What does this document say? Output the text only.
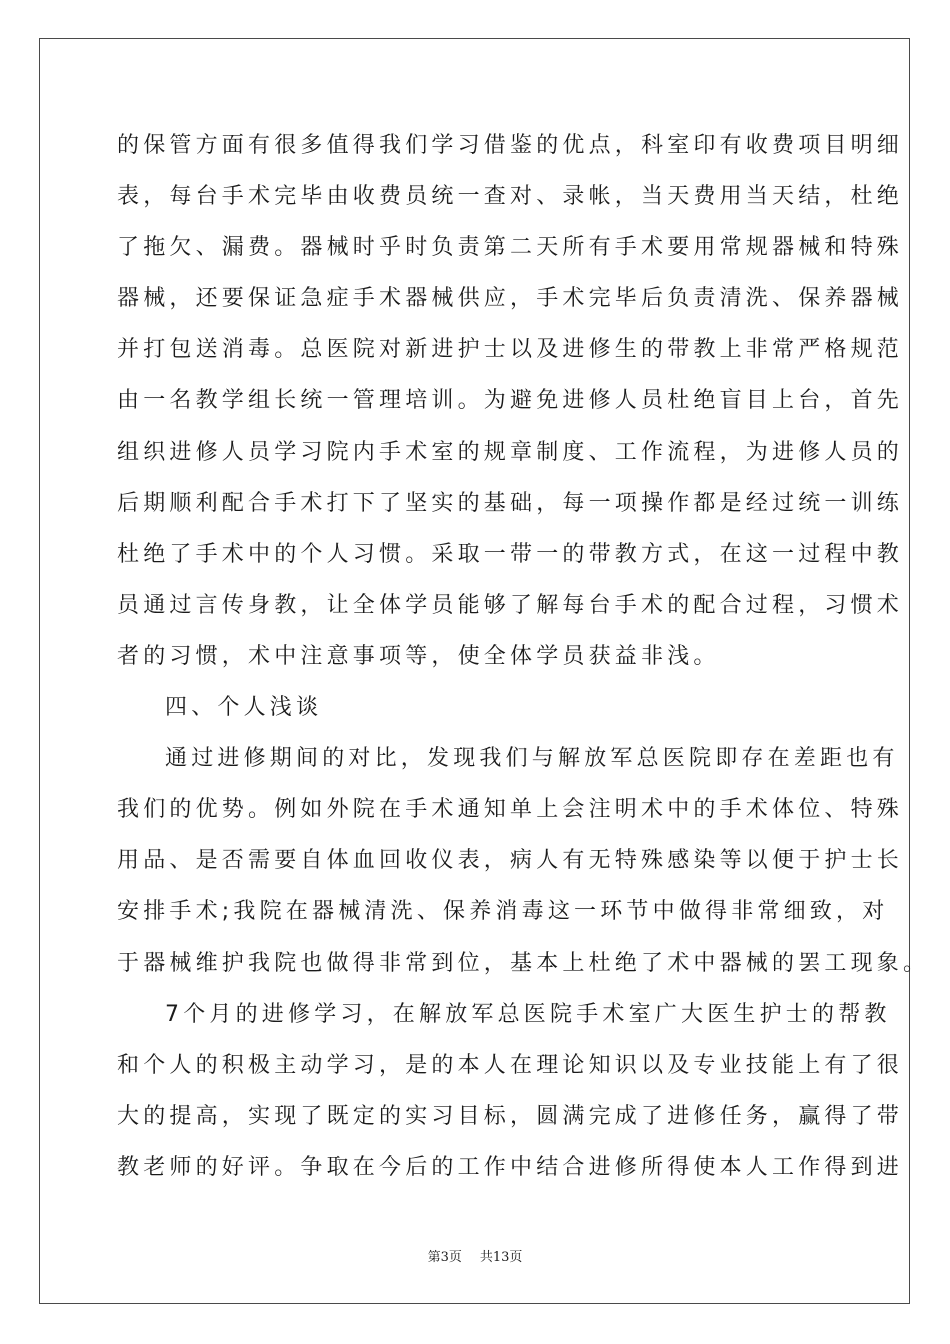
的保管方面有很多值得我们学习借鉴的优点，科室印有收费项目明细
表，每台手术完毕由收费员统一查对、录帐，当天费用当天结，杜绝
了拖欠、漏费。器械时乎时负责第二天所有手术要用常规器械和特殊
器械，还要保证急症手术器械供应，手术完毕后负责清洗、保养器械
并打包送消毒。总医院对新进护士以及进修生的带教上非常严格规范
由一名教学组长统一管理培训。为避免进修人员杜绝盲目上台，首先
组织进修人员学习院内手术室的规章制度、工作流程，为进修人员的
后期顺利配合手术打下了坚实的基础，每一项操作都是经过统一训练
杜绝了手术中的个人习惯。采取一带一的带教方式，在这一过程中教
员通过言传身教，让全体学员能够了解每台手术的配合过程，习惯术
者的习惯，术中注意事项等，使全体学员获益非浅。
四、个人浅谈
通过进修期间的对比，发现我们与解放军总医院即存在差距也有
我们的优势。例如外院在手术通知单上会注明术中的手术体位、特殊
用品、是否需要自体血回收仪表，病人有无特殊感染等以便于护士长
安排手术;我院在器械清洗、保养消毒这一环节中做得非常细致，对
于器械维护我院也做得非常到位，基本上杜绝了术中器械的罢工现象。
7个月的进修学习，在解放军总医院手术室广大医生护士的帮教
和个人的积极主动学习，是的本人在理论知识以及专业技能上有了很
大的提高，实现了既定的实习目标，圆满完成了进修任务，赢得了带
教老师的好评。争取在今后的工作中结合进修所得使本人工作得到进
第3页 共13页
